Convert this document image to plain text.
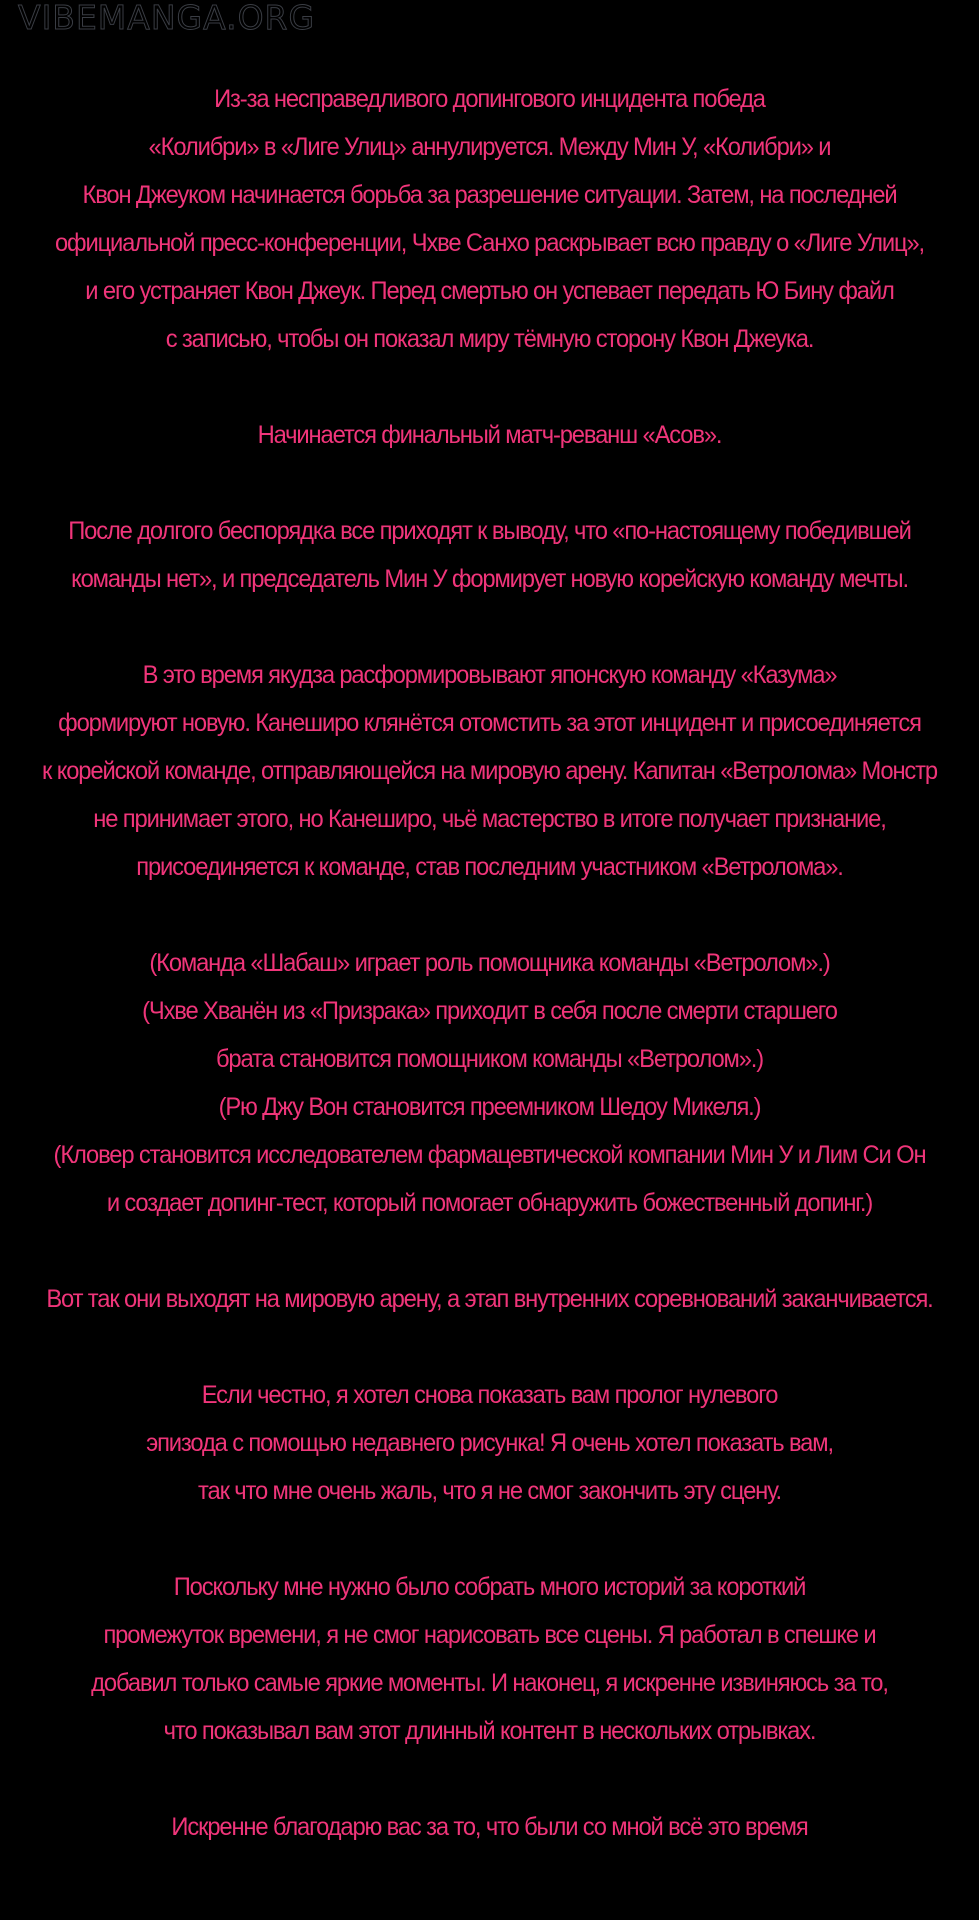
VIBEMANGA.ORG
Из-за несправедливого допингового инцидента победа
«Колибри» в «Лиге Улиц» аннулируется. Между Мин У, «Колибри» и
Квон Джеуком начинается борьба за разрешение ситуации. Затем, на последней
официальной пресс-конференции, Чхве Санхо раскрывает всю правду о «Лиге Улиц»,
и его устраняет Квон Джеук. Перед смертью он успевает передать Ю Бину файл
с записью, чтобы он показал миру тёмную сторону Квон Джеука.
Начинается финальный матч-реванш «Асов».
После долгого беспорядка все приходят к выводу, что «по-настоящему победившей
команды нет», и председатель Мин У формирует новую корейскую команду мечты.
В это время якудза расформировывают японскую команду «Казума»
формируют новую. Канеширо клянётся отомстить за этот инцидент и присоединяется
к корейской команде, отправляющейся на мировую арену. Капитан «Ветролома» Монстр
не принимает этого, но Канеширо, чьё мастерство в итоге получает признание,
присоединяется к команде, став последним участником «Ветролома».
(Команда «Шабаш» играет роль помощника команды «Ветролом».)
(Чхве Хванён из «Призрака» приходит в себя после смерти старшего
брата становится помощником команды «Ветролом».)
(Рю Джу Вон становится преемником Шедоу Микеля.)
(Кловер становится исследователем фармацевтической компании Мин У и Лим Си Он
и создает допинг-тест, который помогает обнаружить божественный допинг.)
Вот так они выходят на мировую арену, а этап внутренних соревнований заканчивается.
Если честно, я хотел снова показать вам пролог нулевого
эпизода с помощью недавнего рисунка! Я очень хотел показать вам,
так что мне очень жаль, что я не смог закончить эту сцену.
Поскольку мне нужно было собрать много историй за короткий
промежуток времени, я не смог нарисовать все сцены. Я работал в спешке и
добавил только самые яркие моменты. И наконец, я искренне извиняюсь за то,
что показывал вам этот длинный контент в нескольких отрывках.
Искренне благодарю вас за то, что были со мной всё это время
